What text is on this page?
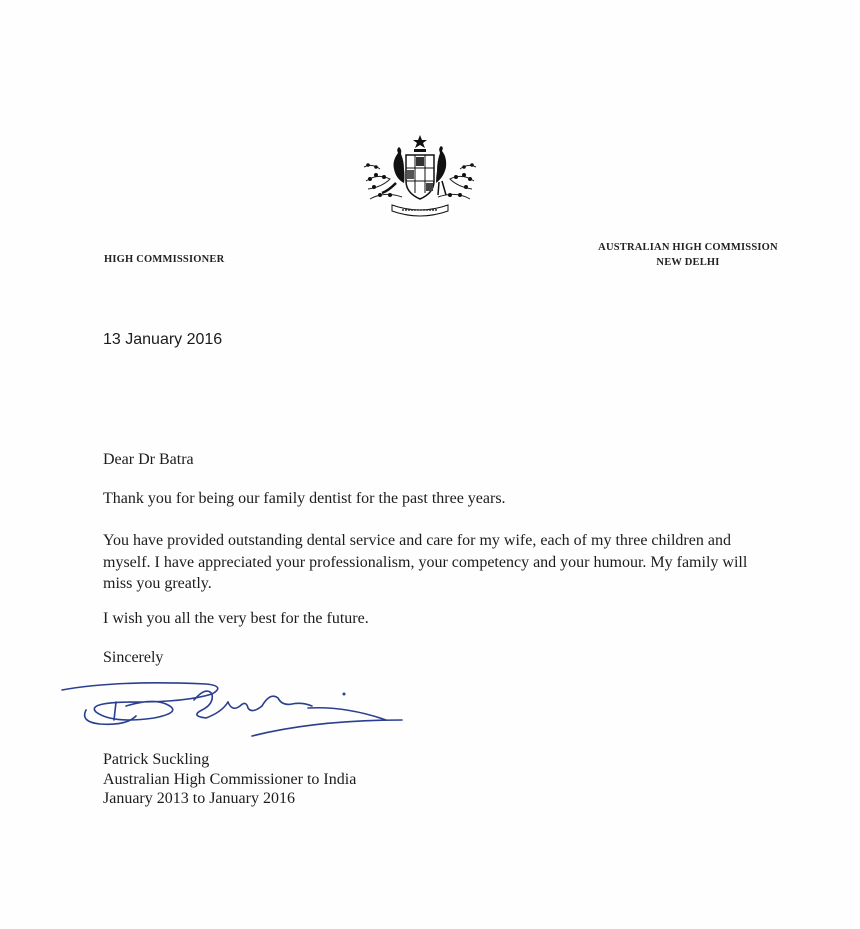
HIGH COMMISSIONER
AUSTRALIAN HIGH COMMISSION
NEW DELHI
13 January 2016
Dear Dr Batra
Thank you for being our family dentist for the past three years.
You have provided outstanding dental service and care for my wife, each of my three children and myself. I have appreciated your professionalism, your competency and your humour. My family will miss you greatly.
I wish you all the very best for the future.
Sincerely
Patrick Suckling
Australian High Commissioner to India
January 2013 to January 2016
